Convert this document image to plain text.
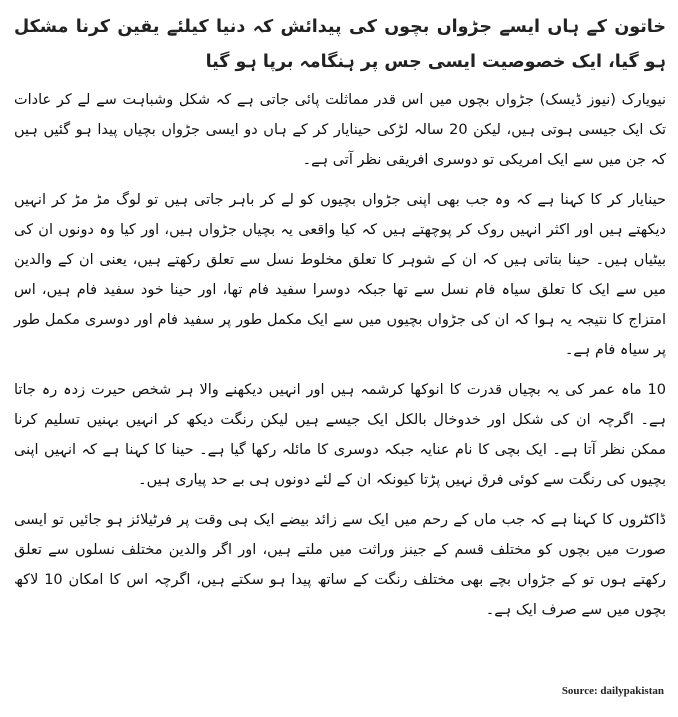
خاتون کے ہاں ایسے جڑواں بچوں کی پیدائش کہ دنیا کیلئے یقین کرنا مشکل ہو گیا، ایک خصوصیت ایسی جس پر ہنگامہ برپا ہو گیا

نیویارک (نیوز ڈیسک) جڑواں بچوں میں اس قدر مماثلت پائی جاتی ہے کہ شکل وشباہت سے لے کر عادات تک ایک جیسی ہوتی ہیں، لیکن 20 سالہ لڑکی حینایار کر کے ہاں دو ایسی جڑواں بچیاں پیدا ہو گئیں ہیں کہ جن میں سے ایک امریکی تو دوسری افریقی نظر آتی ہے۔

حینایار کر کا کہنا ہے کہ وہ جب بھی اپنی جڑواں بچیوں کو لے کر باہر جاتی ہیں تو لوگ مڑ مڑ کر انہیں دیکھتے ہیں اور اکثر انہیں روک کر پوچھتے ہیں کہ کیا واقعی یہ بچیاں جڑواں ہیں، اور کیا وہ دونوں ان کی بیٹیاں ہیں۔ حینا بتاتی ہیں کہ ان کے شوہر کا تعلق مخلوط نسل سے تعلق رکھتے ہیں، یعنی ان کے والدین میں سے ایک کا تعلق سیاہ فام نسل سے تھا جبکہ دوسرا سفید فام تھا، اور حینا خود سفید فام ہیں، اس امتزاج کا نتیجہ یہ ہوا کہ ان کی جڑواں بچیوں میں سے ایک مکمل طور پر سفید فام اور دوسری مکمل طور پر سیاہ فام ہے۔

10 ماہ عمر کی یہ بچیاں قدرت کا انوکھا کرشمہ ہیں اور انہیں دیکھنے والا ہر شخص حیرت زدہ رہ جاتا ہے۔ اگرچہ ان کی شکل اور خدوخال بالکل ایک جیسے ہیں لیکن رنگت دیکھ کر انہیں بہنیں تسلیم کرنا ممکن نظر آتا ہے۔ ایک بچی کا نام عنایہ جبکہ دوسری کا مائلہ رکھا گیا ہے۔ حینا کا کہنا ہے کہ انہیں اپنی بچیوں کی رنگت سے کوئی فرق نہیں پڑتا کیونکہ ان کے لئے دونوں ہی بے حد پیاری ہیں۔

ڈاکٹروں کا کہنا ہے کہ جب ماں کے رحم میں ایک سے زائد بیضے ایک ہی وقت پر فرٹیلائز ہو جائیں تو ایسی صورت میں بچوں کو مختلف قسم کے جینز وراثت میں ملتے ہیں، اور اگر والدین مختلف نسلوں سے تعلق رکھتے ہوں تو کے جڑواں بچے بھی مختلف رنگت کے ساتھ پیدا ہو سکتے ہیں، اگرچہ اس کا امکان 10 لاکھ بچوں میں سے صرف ایک ہے۔

Source: dailypakistan
